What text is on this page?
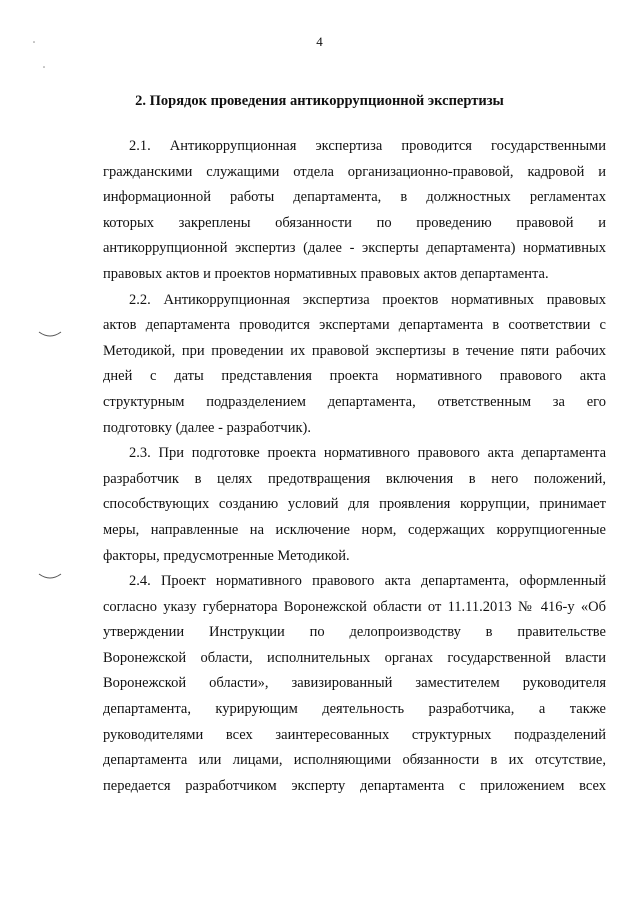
4
2. Порядок проведения антикоррупционной экспертизы
2.1. Антикоррупционная экспертиза проводится государственными
гражданскими служащими отдела организационно-правовой, кадровой и
информационной работы департамента, в должностных регламентах
которых закреплены обязанности по проведению правовой и
антикоррупционной экспертиз (далее - эксперты департамента) нормативных
правовых актов и проектов нормативных правовых актов департамента.
2.2. Антикоррупционная экспертиза проектов нормативных правовых
актов департамента проводится экспертами департамента в соответствии с
Методикой, при проведении их правовой экспертизы в течение пяти рабочих
дней с даты представления проекта нормативного правового акта
структурным подразделением департамента, ответственным за его
подготовку (далее - разработчик).
2.3. При подготовке проекта нормативного правового акта департамента
разработчик в целях предотвращения включения в него положений,
способствующих созданию условий для проявления коррупции, принимает
меры, направленные на исключение норм, содержащих коррупциогенные
факторы, предусмотренные Методикой.
2.4. Проект нормативного правового акта департамента, оформленный
согласно указу губернатора Воронежской области от 11.11.2013 № 416-у «Об
утверждении Инструкции по делопроизводству в правительстве
Воронежской области, исполнительных органах государственной власти
Воронежской области», завизированный заместителем руководителя
департамента, курирующим деятельность разработчика, а также
руководителями всех заинтересованных структурных подразделений
департамента или лицами, исполняющими обязанности в их отсутствие,
передается разработчиком эксперту департамента с приложением всех
